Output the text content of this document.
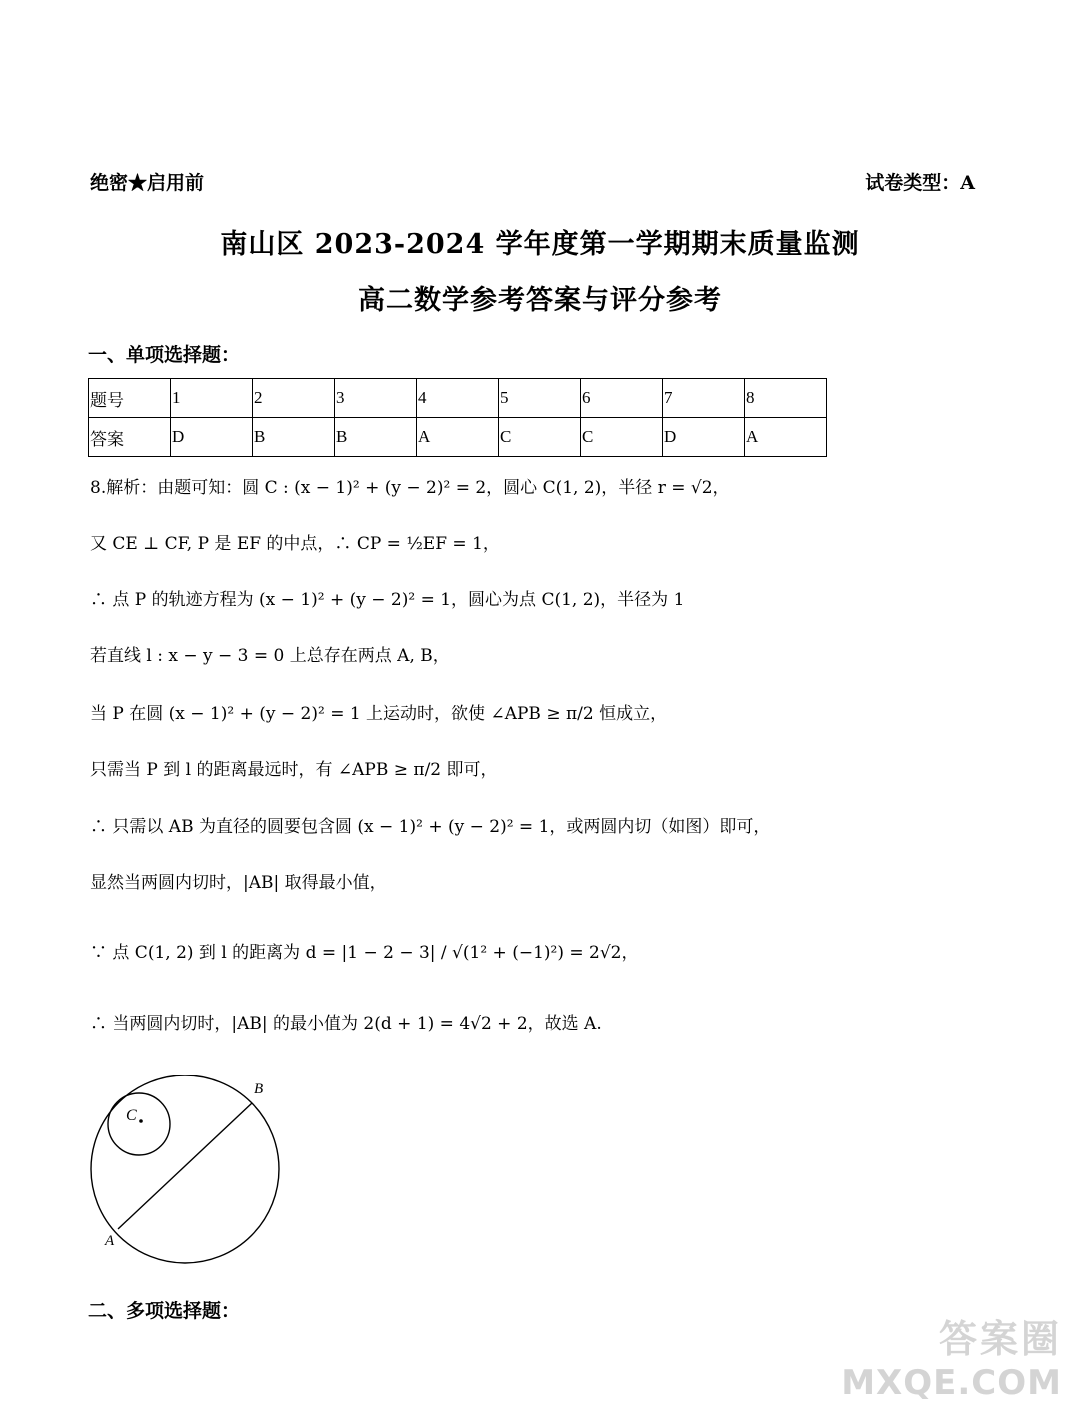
绝密★启用前	试卷类型：A
南山区 2023-2024 学年度第一学期期末质量监测
高二数学参考答案与评分参考
一、单项选择题：
题号	1	2	3	4	5	6	7	8
答案	D	B	B	A	C	C	D	A
8.解析：由题可知：圆 C : (x − 1)² + (y − 2)² = 2，圆心 C(1, 2)，半径 r = √2，
又 CE ⊥ CF, P 是 EF 的中点，∴ CP = ½EF = 1，
∴ 点 P 的轨迹方程为 (x − 1)² + (y − 2)² = 1，圆心为点 C(1, 2)，半径为 1
若直线 l : x − y − 3 = 0 上总存在两点 A, B，
当 P 在圆 (x − 1)² + (y − 2)² = 1 上运动时，欲使 ∠APB ≥ π/2 恒成立，
只需当 P 到 l 的距离最远时，有 ∠APB ≥ π/2 即可，
∴ 只需以 AB 为直径的圆要包含圆 (x − 1)² + (y − 2)² = 1，或两圆内切（如图）即可，
显然当两圆内切时，|AB| 取得最小值，
∵ 点 C(1, 2) 到 l 的距离为 d = |1 − 2 − 3| / √(1² + (−1)²) = 2√2，
∴ 当两圆内切时，|AB| 的最小值为 2(d + 1) = 4√2 + 2，故选 A.
C
B
A
二、多项选择题：
答案圈
MXQE.COM
